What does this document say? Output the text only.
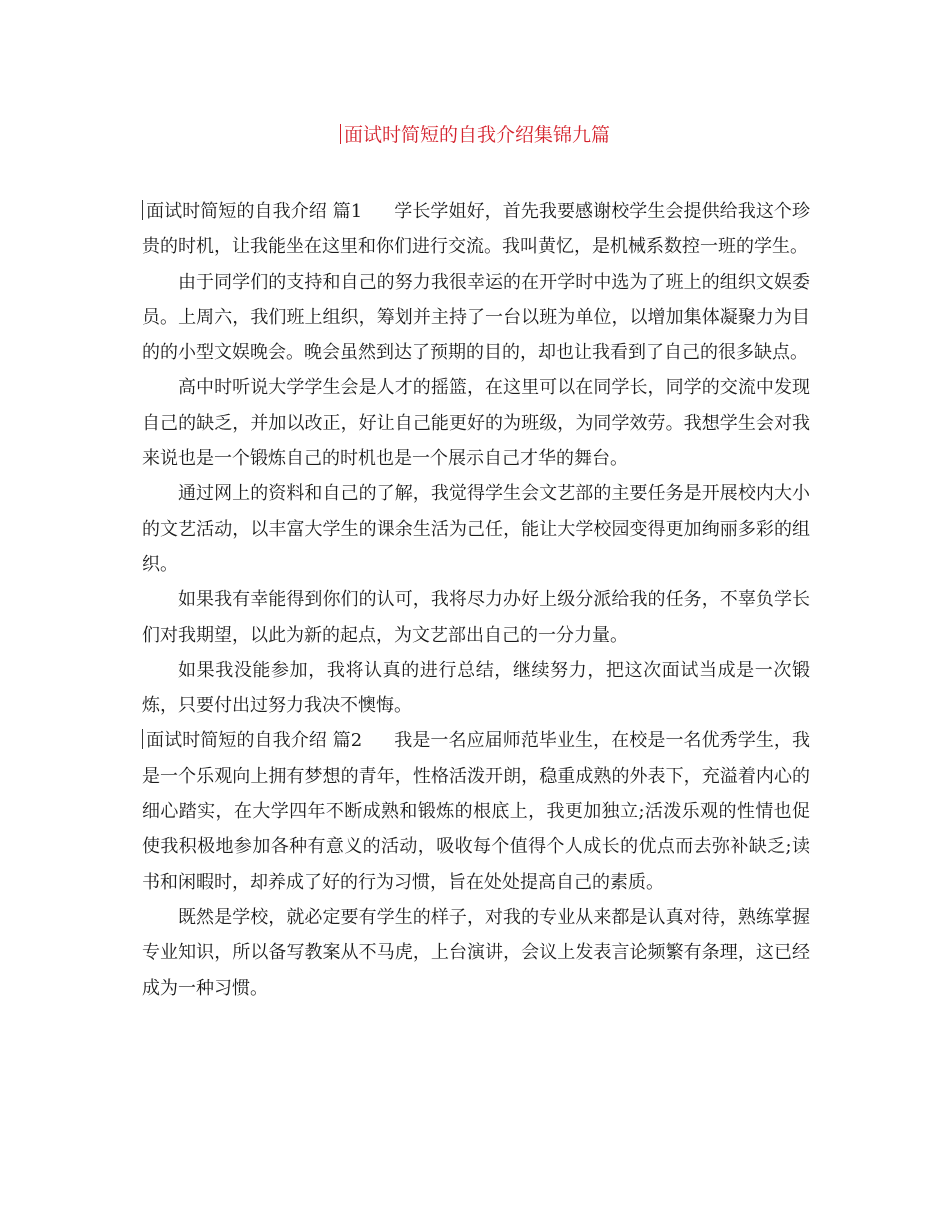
面试时简短的自我介绍集锦九篇

面试时简短的自我介绍 篇1 学长学姐好，首先我要感谢校学生会提供给我这个珍贵的时机，让我能坐在这里和你们进行交流。我叫黄忆，是机械系数控一班的学生。

由于同学们的支持和自己的努力我很幸运的在开学时中选为了班上的组织文娱委员。上周六，我们班上组织，筹划并主持了一台以班为单位，以增加集体凝聚力为目的的小型文娱晚会。晚会虽然到达了预期的目的，却也让我看到了自己的很多缺点。

高中时听说大学学生会是人才的摇篮，在这里可以在同学长，同学的交流中发现自己的缺乏，并加以改正，好让自己能更好的为班级，为同学效劳。我想学生会对我来说也是一个锻炼自己的时机也是一个展示自己才华的舞台。

通过网上的资料和自己的了解，我觉得学生会文艺部的主要任务是开展校内大小的文艺活动，以丰富大学生的课余生活为己任，能让大学校园变得更加绚丽多彩的组织。

如果我有幸能得到你们的认可，我将尽力办好上级分派给我的任务，不辜负学长们对我期望，以此为新的起点，为文艺部出自己的一分力量。

如果我没能参加，我将认真的进行总结，继续努力，把这次面试当成是一次锻炼，只要付出过努力我决不懊悔。

面试时简短的自我介绍 篇2 我是一名应届师范毕业生，在校是一名优秀学生，我是一个乐观向上拥有梦想的青年，性格活泼开朗，稳重成熟的外表下，充溢着内心的细心踏实，在大学四年不断成熟和锻炼的根底上，我更加独立;活泼乐观的性情也促使我积极地参加各种有意义的活动，吸收每个值得个人成长的优点而去弥补缺乏;读书和闲暇时，却养成了好的行为习惯，旨在处处提高自己的素质。

既然是学校，就必定要有学生的样子，对我的专业从来都是认真对待，熟练掌握专业知识，所以备写教案从不马虎，上台演讲，会议上发表言论频繁有条理，这已经成为一种习惯。
